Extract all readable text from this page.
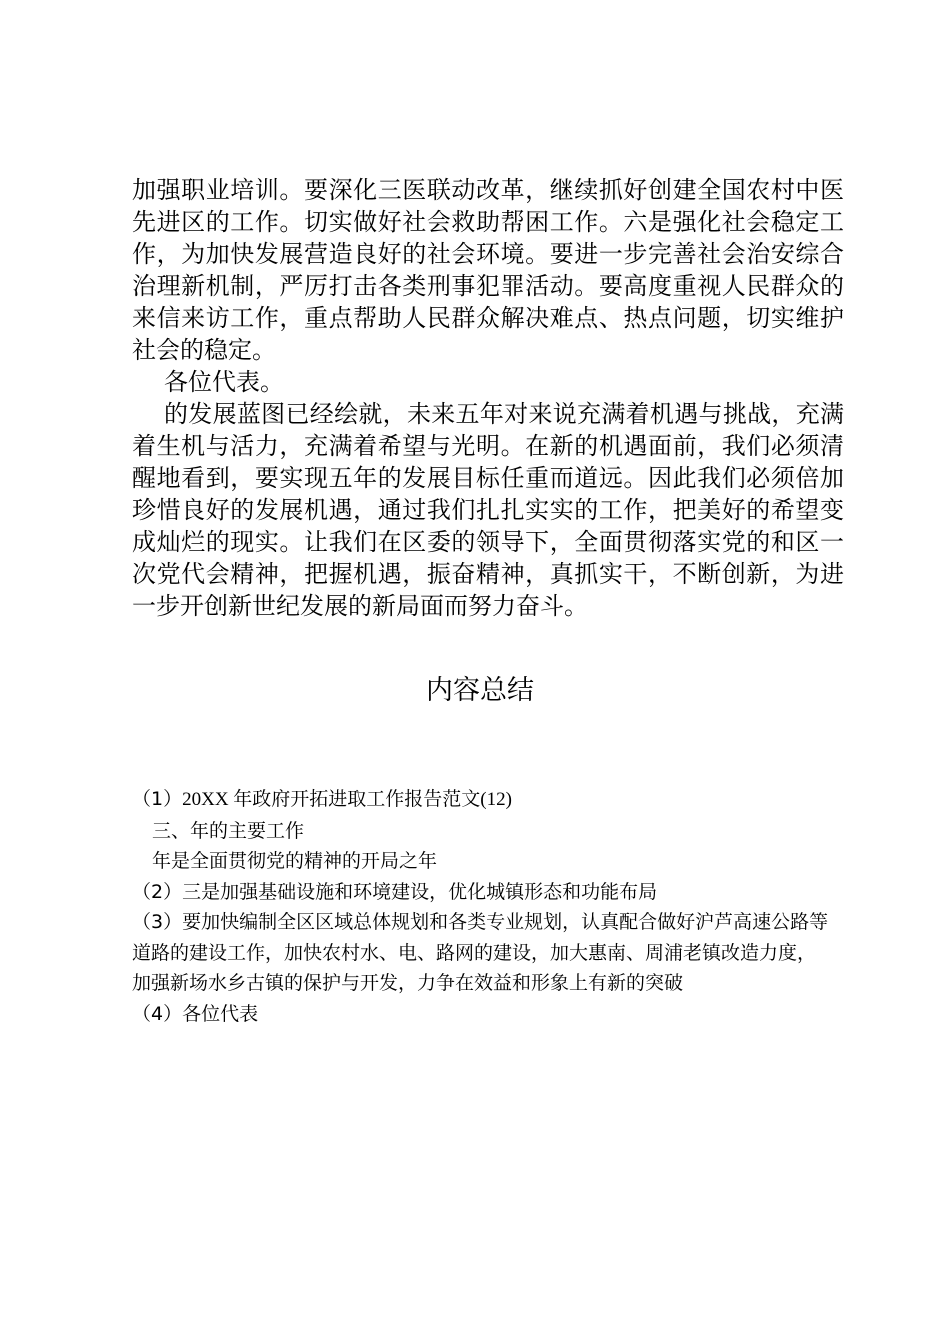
加强职业培训。要深化三医联动改革，继续抓好创建全国农村中医先进区的工作。切实做好社会救助帮困工作。六是强化社会稳定工作，为加快发展营造良好的社会环境。要进一步完善社会治安综合治理新机制，严厉打击各类刑事犯罪活动。要高度重视人民群众的来信来访工作，重点帮助人民群众解决难点、热点问题，切实维护社会的稳定。

各位代表。

的发展蓝图已经绘就，未来五年对来说充满着机遇与挑战，充满着生机与活力，充满着希望与光明。在新的机遇面前，我们必须清醒地看到，要实现五年的发展目标任重而道远。因此我们必须倍加珍惜良好的发展机遇，通过我们扎扎实实的工作，把美好的希望变成灿烂的现实。让我们在区委的领导下，全面贯彻落实党的和区一次党代会精神，把握机遇，振奋精神，真抓实干，不断创新，为进一步开创新世纪发展的新局面而努力奋斗。

内容总结

（1）20XX 年政府开拓进取工作报告范文(12)

三、年的主要工作

年是全面贯彻党的精神的开局之年

（2）三是加强基础设施和环境建设，优化城镇形态和功能布局

（3）要加快编制全区区域总体规划和各类专业规划，认真配合做好沪芦高速公路等道路的建设工作，加快农村水、电、路网的建设，加大惠南、周浦老镇改造力度，加强新场水乡古镇的保护与开发，力争在效益和形象上有新的突破

（4）各位代表
